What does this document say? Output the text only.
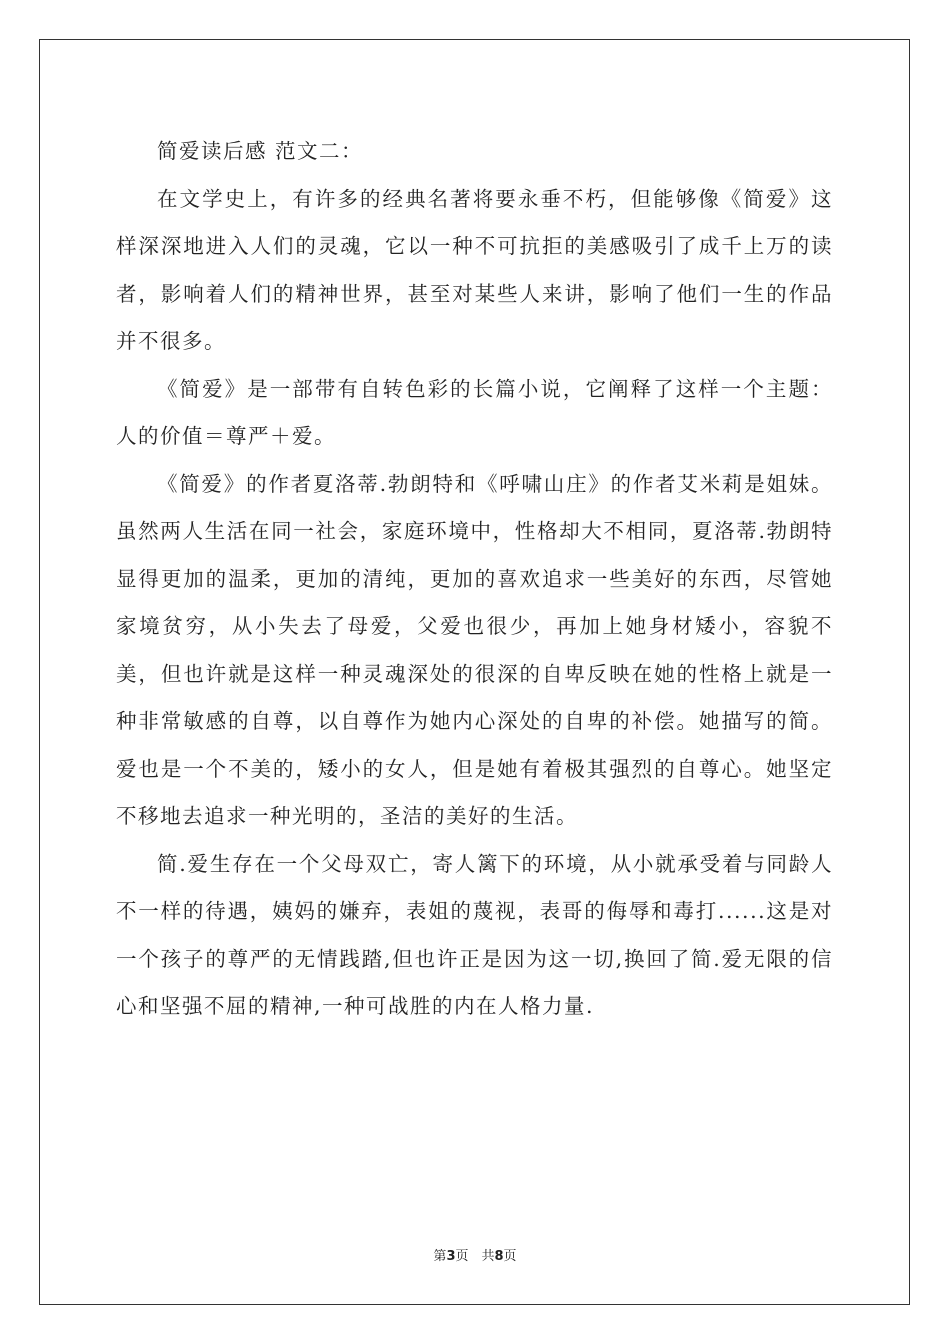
简爱读后感 范文二：

在文学史上，有许多的经典名著将要永垂不朽，但能够像《简爱》这样深深地进入人们的灵魂，它以一种不可抗拒的美感吸引了成千上万的读者，影响着人们的精神世界，甚至对某些人来讲，影响了他们一生的作品并不很多。

《简爱》是一部带有自转色彩的长篇小说，它阐释了这样一个主题：人的价值＝尊严＋爱。

《简爱》的作者夏洛蒂.勃朗特和《呼啸山庄》的作者艾米莉是姐妹。虽然两人生活在同一社会，家庭环境中，性格却大不相同，夏洛蒂.勃朗特显得更加的温柔，更加的清纯，更加的喜欢追求一些美好的东西，尽管她家境贫穷，从小失去了母爱，父爱也很少，再加上她身材矮小，容貌不美，但也许就是这样一种灵魂深处的很深的自卑反映在她的性格上就是一种非常敏感的自尊，以自尊作为她内心深处的自卑的补偿。她描写的简。爱也是一个不美的，矮小的女人，但是她有着极其强烈的自尊心。她坚定不移地去追求一种光明的，圣洁的美好的生活。

简.爱生存在一个父母双亡，寄人篱下的环境，从小就承受着与同龄人不一样的待遇，姨妈的嫌弃，表姐的蔑视，表哥的侮辱和毒打......这是对一个孩子的尊严的无情践踏,但也许正是因为这一切,换回了简.爱无限的信心和坚强不屈的精神,一种可战胜的内在人格力量.

第3页　共8页
